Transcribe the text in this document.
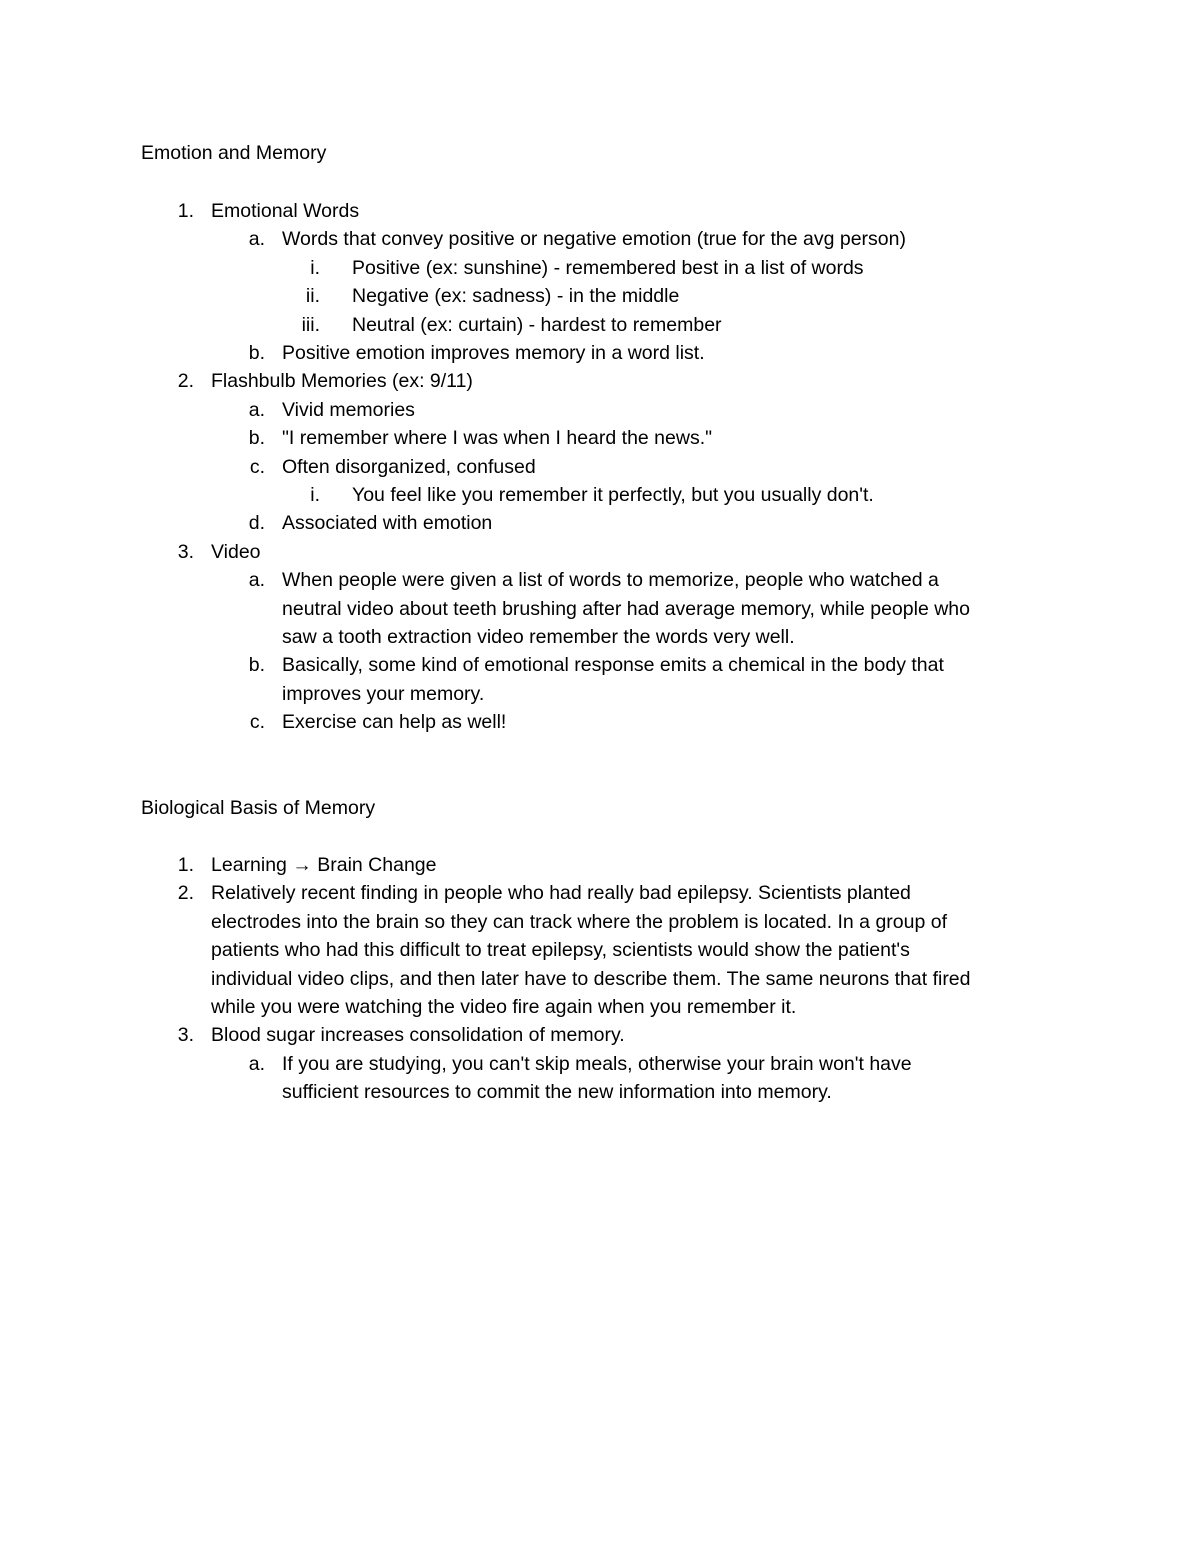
Emotion and Memory
1. Emotional Words
a. Words that convey positive or negative emotion (true for the avg person)
i. Positive (ex: sunshine) - remembered best in a list of words
ii. Negative (ex: sadness) - in the middle
iii. Neutral (ex: curtain) - hardest to remember
b. Positive emotion improves memory in a word list.
2. Flashbulb Memories (ex: 9/11)
a. Vivid memories
b. "I remember where I was when I heard the news."
c. Often disorganized, confused
i. You feel like you remember it perfectly, but you usually don't.
d. Associated with emotion
3. Video
a. When people were given a list of words to memorize, people who watched a
neutral video about teeth brushing after had average memory, while people who
saw a tooth extraction video remember the words very well.
b. Basically, some kind of emotional response emits a chemical in the body that
improves your memory.
c. Exercise can help as well!
Biological Basis of Memory
1. Learning → Brain Change
2. Relatively recent finding in people who had really bad epilepsy. Scientists planted
electrodes into the brain so they can track where the problem is located. In a group of
patients who had this difficult to treat epilepsy, scientists would show the patient's
individual video clips, and then later have to describe them. The same neurons that fired
while you were watching the video fire again when you remember it.
3. Blood sugar increases consolidation of memory.
a. If you are studying, you can't skip meals, otherwise your brain won't have
sufficient resources to commit the new information into memory.
